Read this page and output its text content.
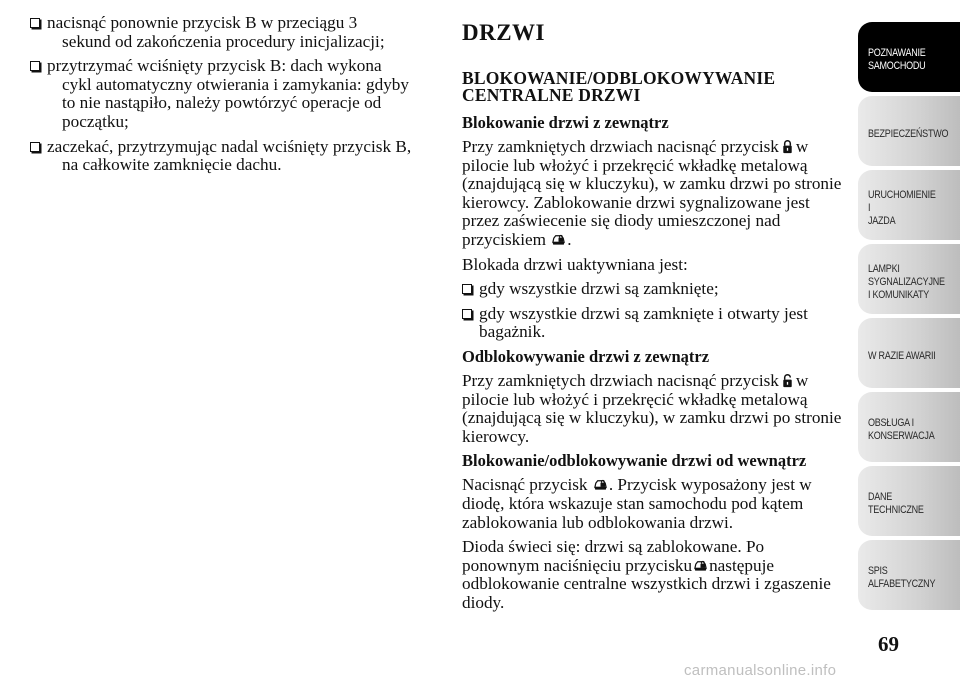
nacisnąć ponownie przycisk B w przeciągu 3
sekund od zakończenia procedury inicjalizacji;
przytrzymać wciśnięty przycisk B: dach wykona
cykl automatyczny otwierania i zamykania: gdyby
to nie nastąpiło, należy powtórzyć operacje od
początku;
zaczekać, przytrzymując nadal wciśnięty przycisk B,
na całkowite zamknięcie dachu.
DRZWI
BLOKOWANIE/ODBLOKOWYWANIE
CENTRALNE DRZWI
Blokowanie drzwi z zewnątrz

Przy zamkniętych drzwiach nacisnąć przycisk w pilocie lub włożyć i przekręcić wkładkę metalową (znajdującą się w kluczyku), w zamku drzwi po stronie kierowcy. Zablokowanie drzwi sygnalizowane jest przez zaświecenie się diody umieszczonej nad przyciskiem .

Blokada drzwi uaktywniana jest:

gdy wszystkie drzwi są zamknięte;
gdy wszystkie drzwi są zamknięte i otwarty jest bagażnik.
Odblokowywanie drzwi z zewnątrz

Przy zamkniętych drzwiach nacisnąć przycisk w pilocie lub włożyć i przekręcić wkładkę metalową (znajdującą się w kluczyku), w zamku drzwi po stronie kierowcy.

Blokowanie/odblokowywanie drzwi od wewnątrz

Nacisnąć przycisk . Przycisk wyposażony jest w diodę, która wskazuje stan samochodu pod kątem zablokowania lub odblokowania drzwi.

Dioda świeci się: drzwi są zablokowane. Po ponownym naciśnięciu przycisku następuje odblokowanie centralne wszystkich drzwi i zgaszenie diody.

POZNAWANIE
SAMOCHODU
BEZPIECZEŃSTWO
URUCHOMIENIE I
JAZDA
LAMPKI
SYGNALIZACYJNE
I KOMUNIKATY
W RAZIE AWARII
OBSŁUGA I
KONSERWACJA
DANE
TECHNICZNE
SPIS
ALFABETYCZNY
69
carmanualsonline.info
